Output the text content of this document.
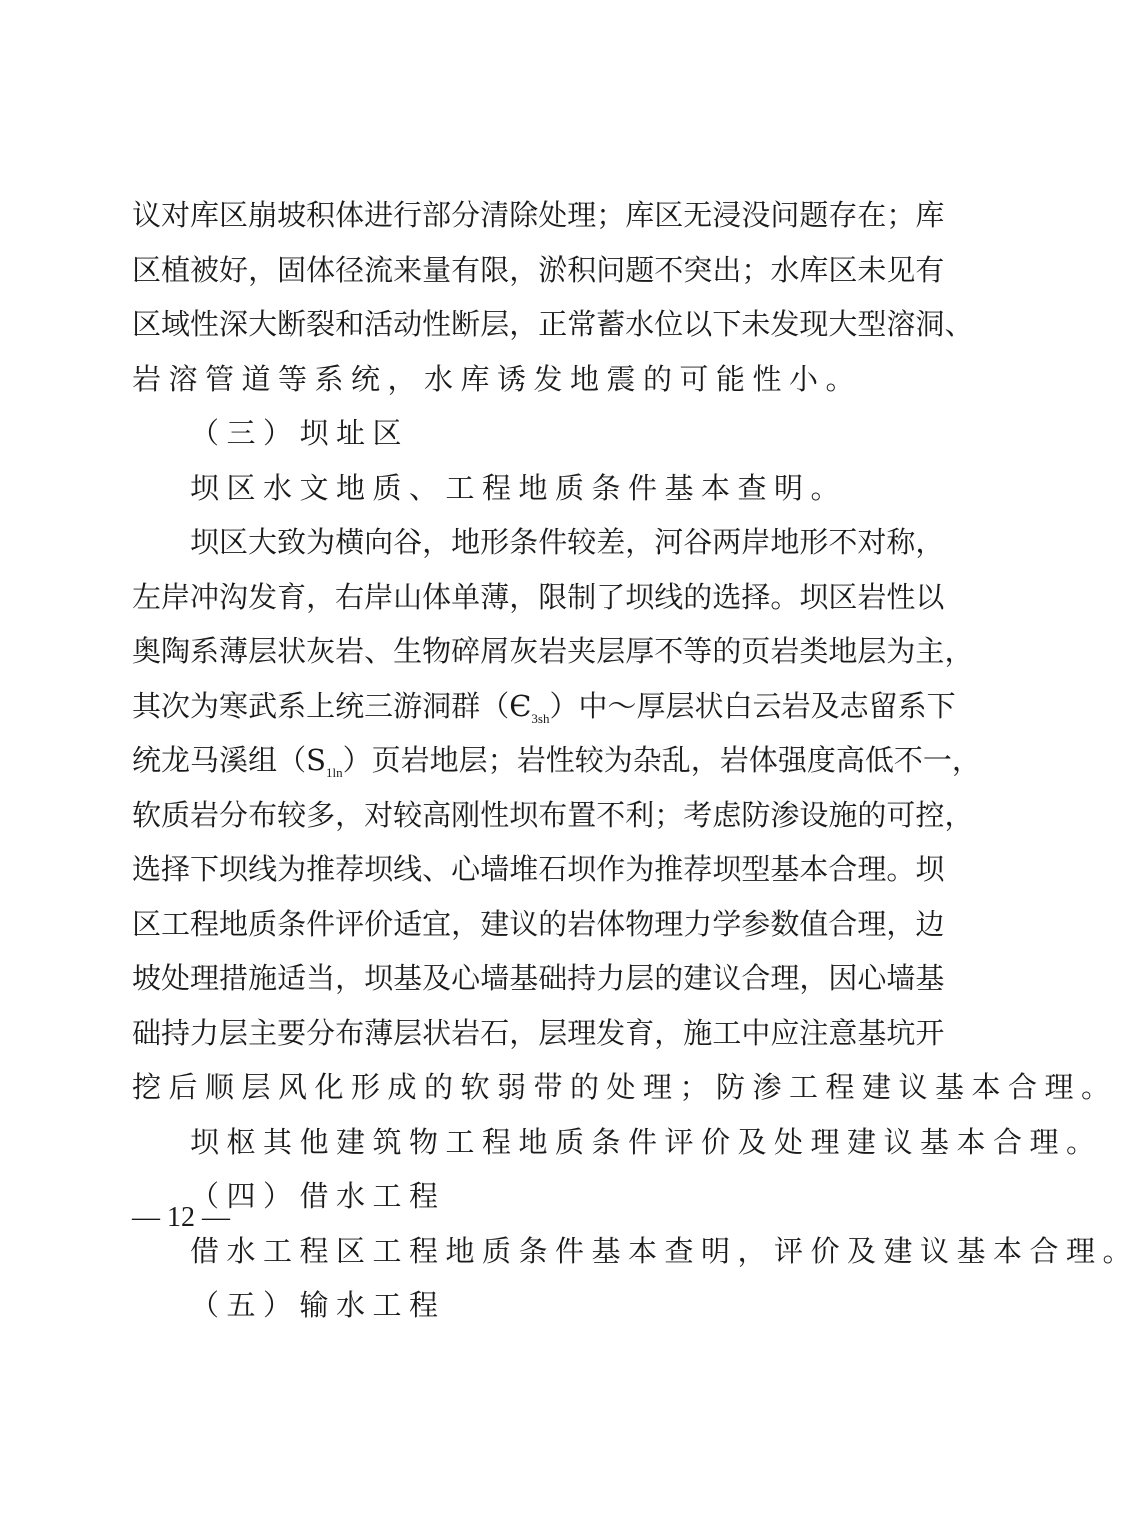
议 对 库 区 崩 坡 积 体 进 行 部 分 清 除 处 理 ； 库 区 无 浸 没 问 题 存 在 ； 库
区 植 被 好 ， 固 体 径 流 来 量 有 限 ， 淤 积 问 题 不 突 出 ； 水 库 区 未 见 有
区 域 性 深 大 断 裂 和 活 动 性 断 层 ， 正 常 蓄 水 位 以 下 未 发 现 大 型 溶 洞 、
岩溶管道等系统，水库诱发地震的可能性小。
（三）坝址区
坝区水文地质、工程地质条件基本查明。
坝 区 大 致 为 横 向 谷 ， 地 形 条 件 较 差 ， 河 谷 两 岸 地 形 不 对 称 ，
左 岸 冲 沟 发 育 ， 右 岸 山 体 单 薄 ， 限 制 了 坝 线 的 选 择 。 坝 区 岩 性 以
奥 陶 系 薄 层 状 灰 岩 、 生 物 碎 屑 灰 岩 夹 层 厚 不 等 的 页 岩 类 地 层 为 主 ，
其 次 为 寒 武 系 上 统 三 游 洞 群 （ $Є_{3sh}$ ） 中 ～ 厚 层 状 白 云 岩 及 志 留 系 下
统 龙 马 溪 组 （ $S_{1ln}$ ） 页 岩 地 层 ； 岩 性 较 为 杂 乱 ， 岩 体 强 度 高 低 不 一 ，
软 质 岩 分 布 较 多 ， 对 较 高 刚 性 坝 布 置 不 利 ； 考 虑 防 渗 设 施 的 可 控 ，
选 择 下 坝 线 为 推 荐 坝 线 、 心 墙 堆 石 坝 作 为 推 荐 坝 型 基 本 合 理 。 坝
区 工 程 地 质 条 件 评 价 适 宜 ， 建 议 的 岩 体 物 理 力 学 参 数 值 合 理 ， 边
坡 处 理 措 施 适 当 ， 坝 基 及 心 墙 基 础 持 力 层 的 建 议 合 理 ， 因 心 墙 基
础 持 力 层 主 要 分 布 薄 层 状 岩 石 ， 层 理 发 育 ， 施 工 中 应 注 意 基 坑 开
挖后顺层风化形成的软弱带的处理；防渗工程建议基本合理。
坝枢其他建筑物工程地质条件评价及处理建议基本合理。
（四）借水工程
借水工程区工程地质条件基本查明，评价及建议基本合理。
（五）输水工程
— 12 —
